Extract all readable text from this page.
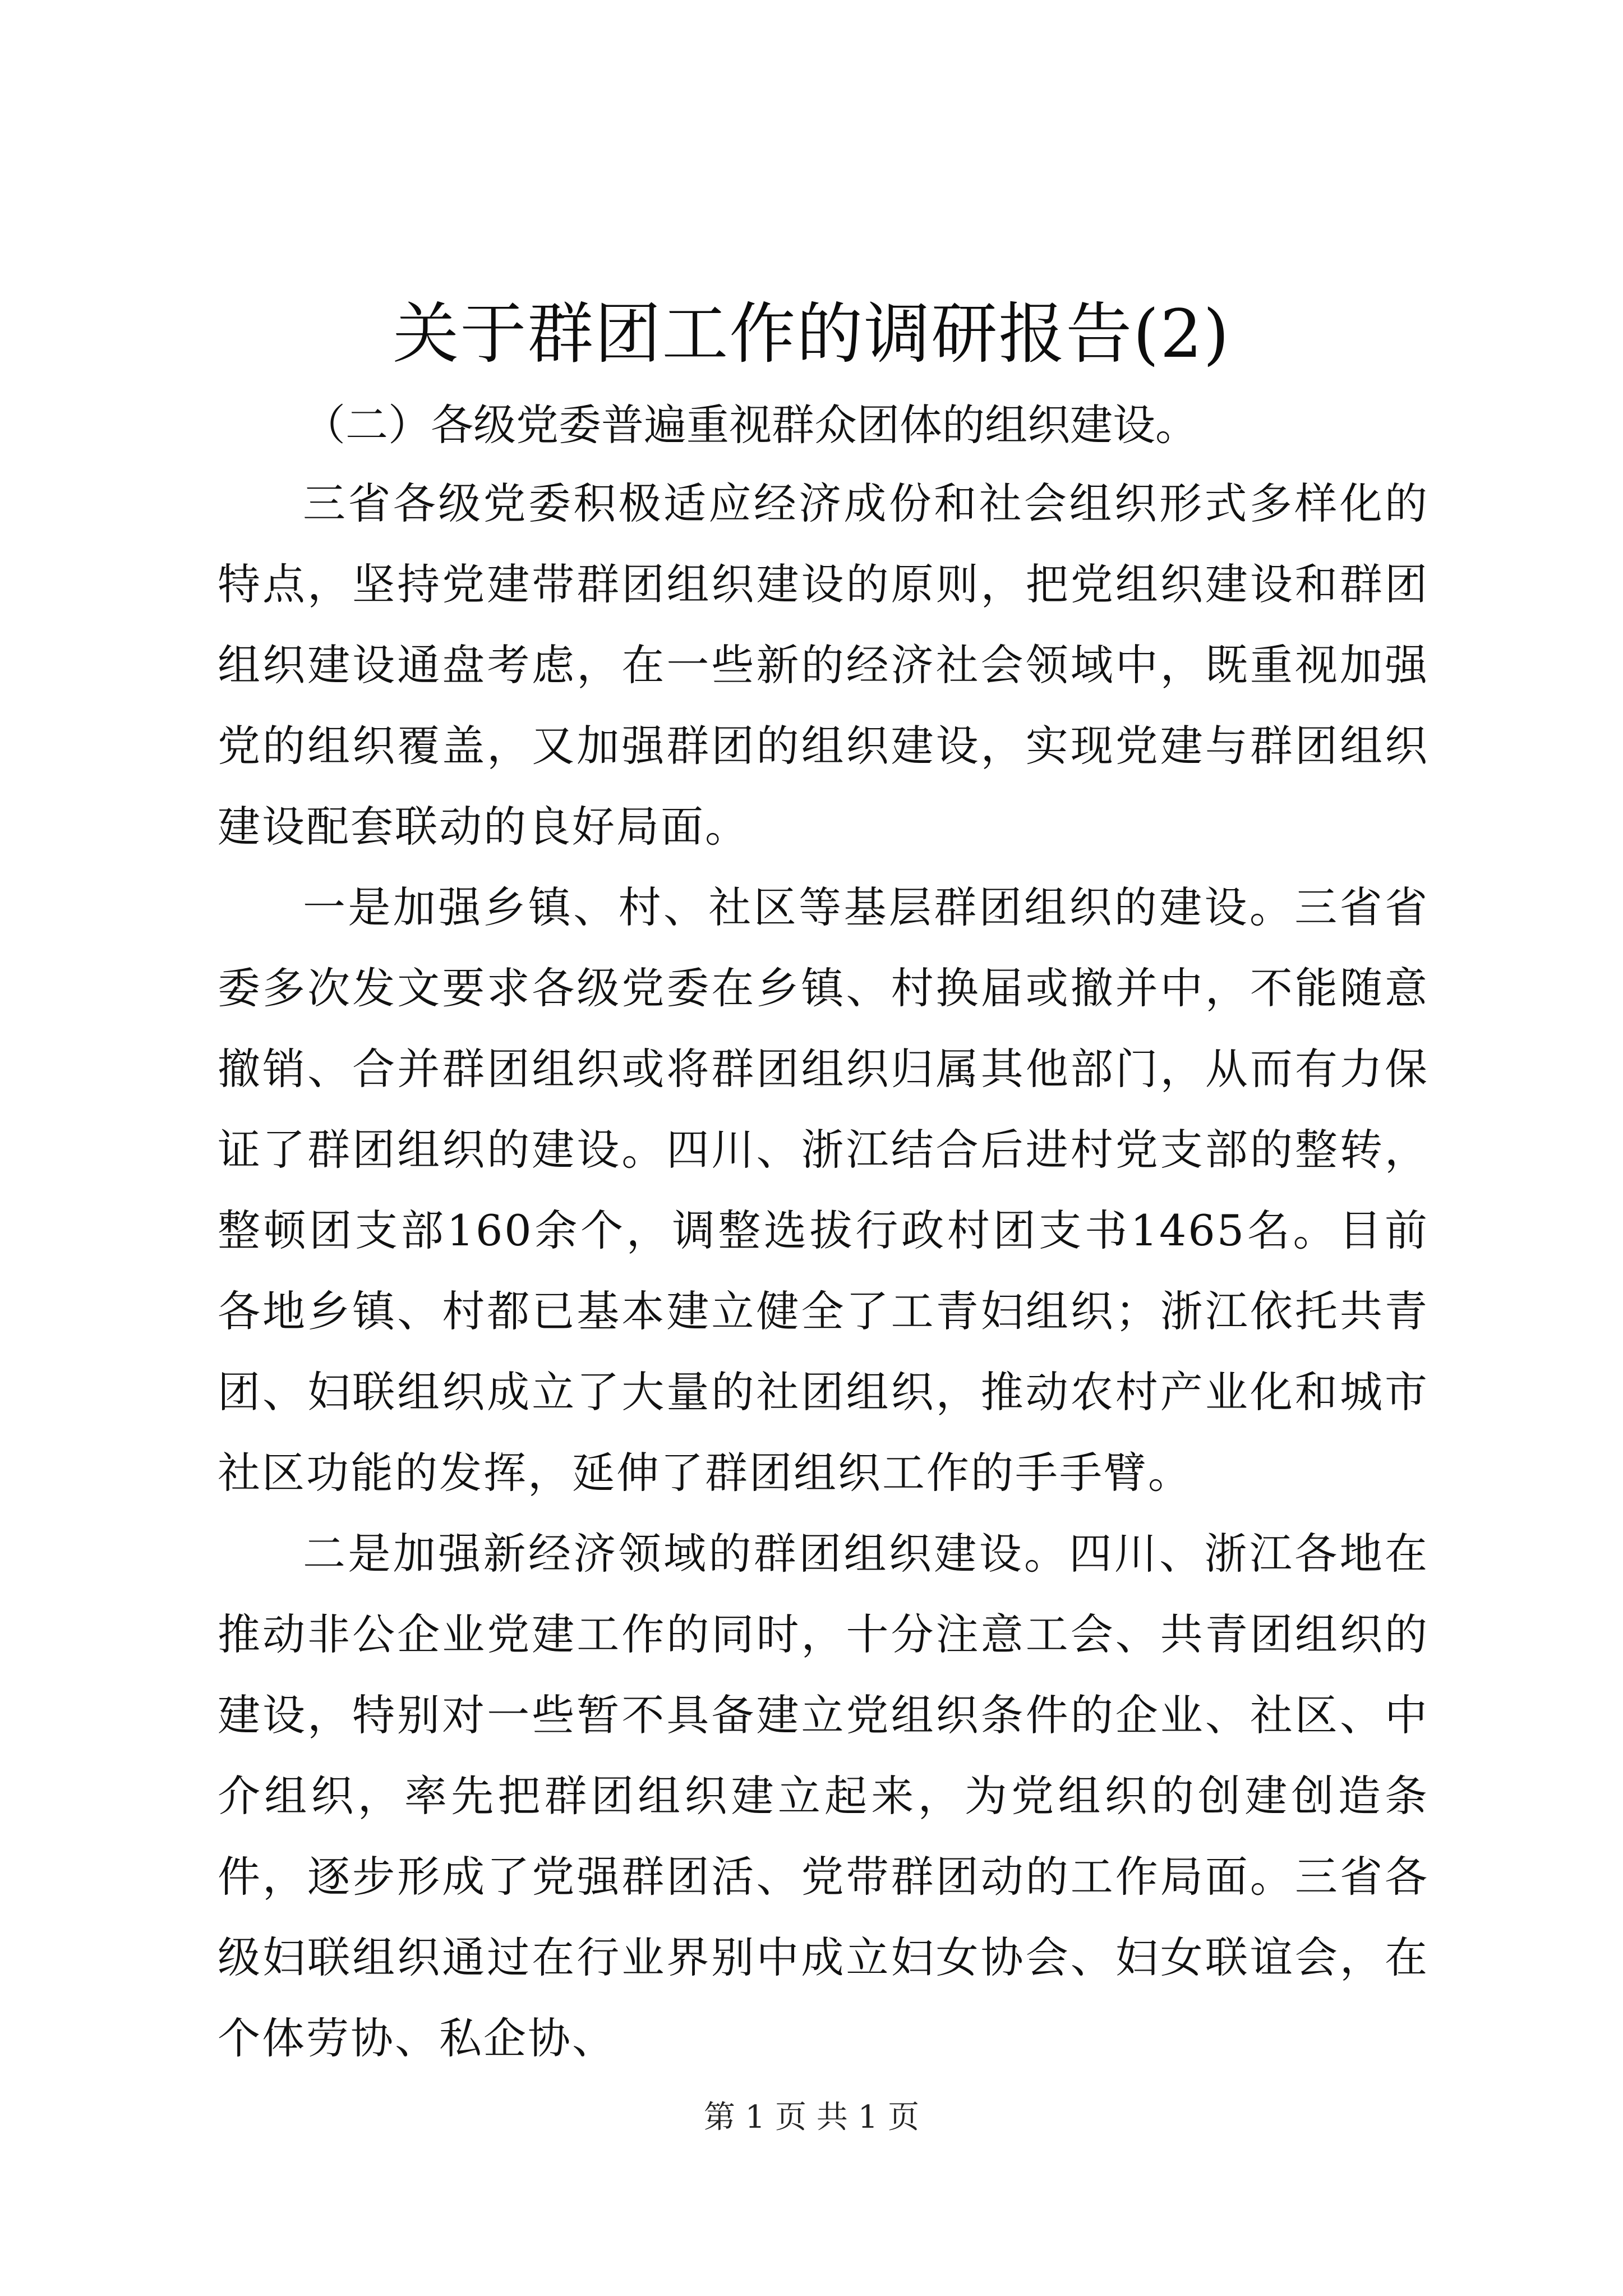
关于群团工作的调研报告(2)

（二）各级党委普遍重视群众团体的组织建设。

三省各级党委积极适应经济成份和社会组织形式多样化的特点，坚持党建带群团组织建设的原则，把党组织建设和群团组织建设通盘考虑，在一些新的经济社会领域中，既重视加强党的组织覆盖，又加强群团的组织建设，实现党建与群团组织建设配套联动的良好局面。

一是加强乡镇、村、社区等基层群团组织的建设。三省省委多次发文要求各级党委在乡镇、村换届或撤并中，不能随意撤销、合并群团组织或将群团组织归属其他部门，从而有力保证了群团组织的建设。四川、浙江结合后进村党支部的整转，整顿团支部160余个，调整选拔行政村团支书1465名。目前各地乡镇、村都已基本建立健全了工青妇组织；浙江依托共青团、妇联组织成立了大量的社团组织，推动农村产业化和城市社区功能的发挥，延伸了群团组织工作的手手臂。

二是加强新经济领域的群团组织建设。四川、浙江各地在推动非公企业党建工作的同时，十分注意工会、共青团组织的建设，特别对一些暂不具备建立党组织条件的企业、社区、中介组织，率先把群团组织建立起来，为党组织的创建创造条件，逐步形成了党强群团活、党带群团动的工作局面。三省各级妇联组织通过在行业界别中成立妇女协会、妇女联谊会，在个体劳协、私企协、

第 1 页 共 1 页
